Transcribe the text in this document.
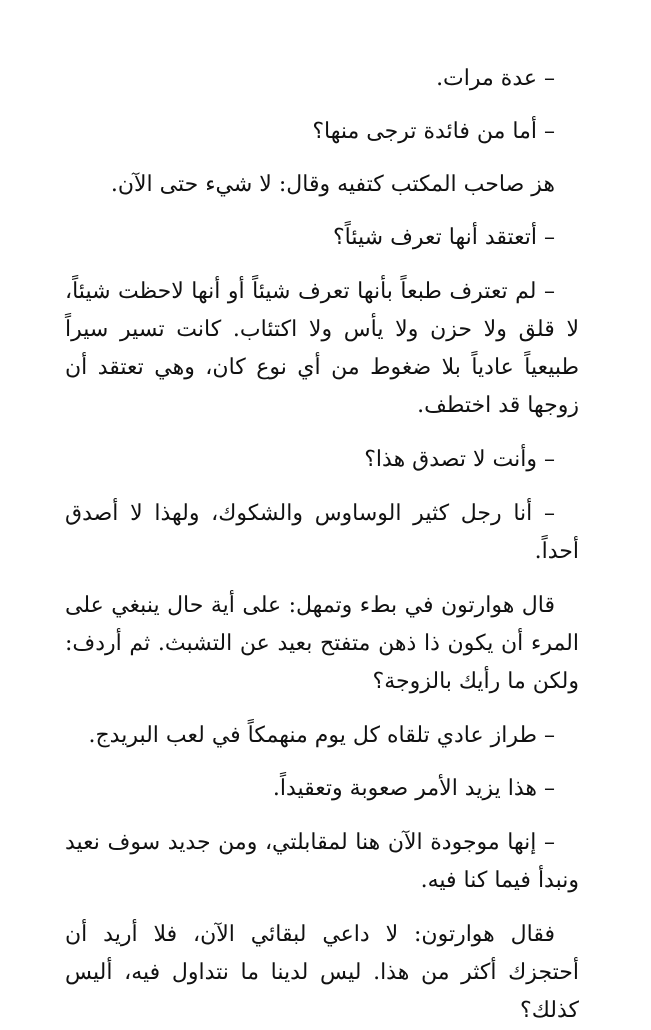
– عدة مرات.

– أما من فائدة ترجى منها؟

هز صاحب المكتب كتفيه وقال: لا شيء حتى الآن.

– أتعتقد أنها تعرف شيئاً؟

– لم تعترف طبعاً بأنها تعرف شيئاً أو أنها لاحظت شيئاً، لا قلق ولا حزن ولا يأس ولا اكتئاب. كانت تسير سيراً طبيعياً عادياً بلا ضغوط من أي نوع كان، وهي تعتقد أن زوجها قد اختطف.

– وأنت لا تصدق هذا؟

– أنا رجل كثير الوساوس والشكوك، ولهذا لا أصدق أحداً.

قال هوارتون في بطء وتمهل: على أية حال ينبغي على المرء أن يكون ذا ذهن متفتح بعيد عن التشبث. ثم أردف: ولكن ما رأيك بالزوجة؟

– طراز عادي تلقاه كل يوم منهمكاً في لعب البريدج.

– هذا يزيد الأمر صعوبة وتعقيداً.

– إنها موجودة الآن هنا لمقابلتي، ومن جديد سوف نعيد ونبدأ فيما كنا فيه.

فقال هوارتون: لا داعي لبقائي الآن، فلا أريد أن أحتجزك أكثر من هذا. ليس لدينا ما نتداول فيه، أليس كذلك؟
